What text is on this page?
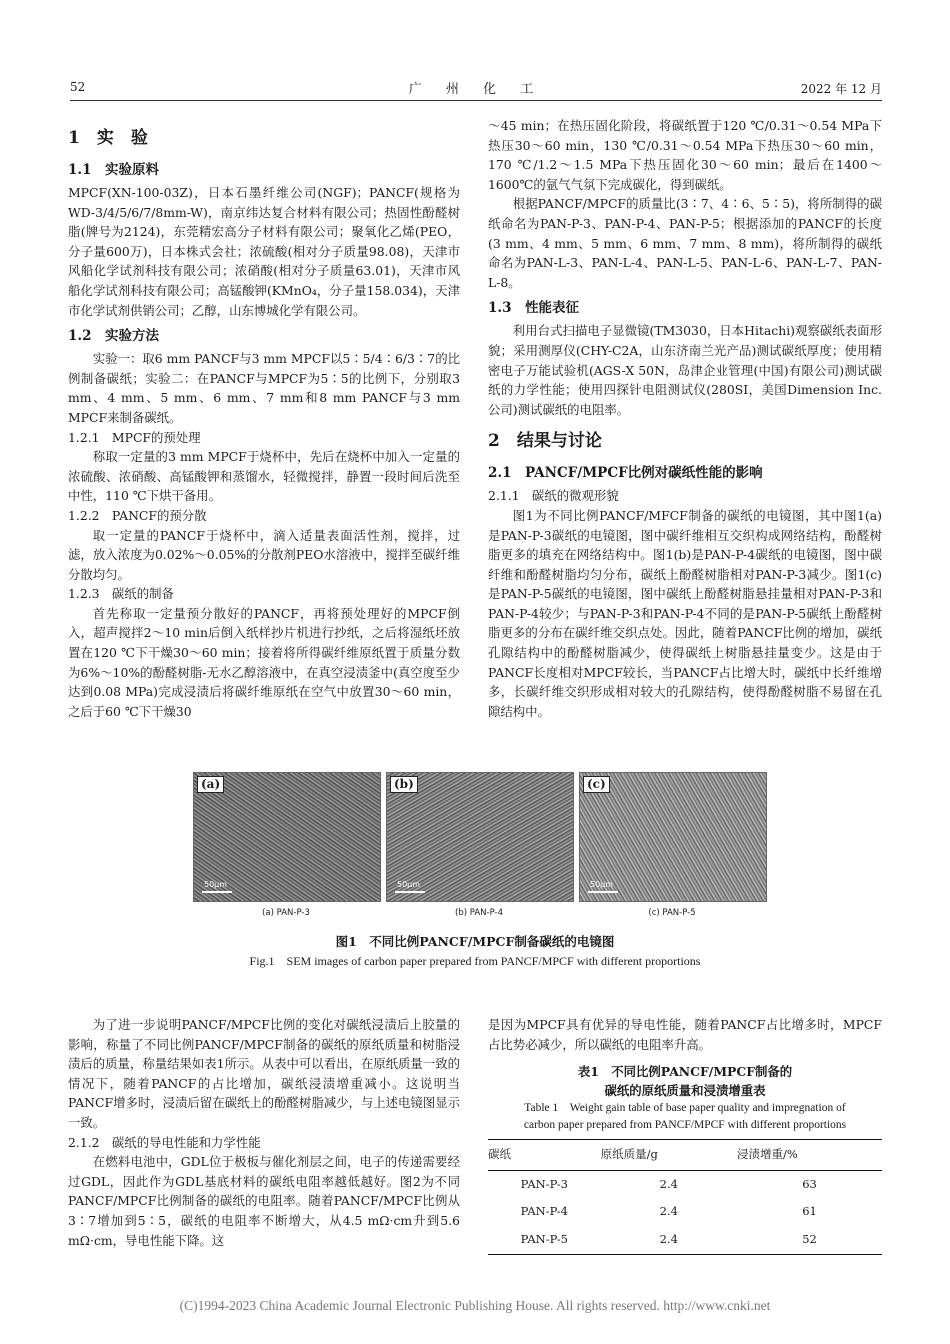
52	广 州 化 工	2022 年 12 月
1　实　验
1.1　实验原料

MPCF(XN-100-03Z)，日本石墨纤维公司(NGF)；PANCF(规格为WD-3/4/5/6/7/8mm-W)，南京纬达复合材料有限公司；热固性酚醛树脂(牌号为2124)，东莞精宏高分子材料有限公司；聚氧化乙烯(PEO，分子量600万)，日本株式会社；浓硫酸(相对分子质量98.08)，天津市风船化学试剂科技有限公司；浓硝酸(相对分子质量63.01)，天津市风船化学试剂科技有限公司；高锰酸钾(KMnO₄，分子量158.034)，天津市化学试剂供销公司；乙醇，山东博城化学有限公司。

1.2　实验方法

实验一：取6 mm PANCF与3 mm MPCF以5∶5/4∶6/3∶7的比例制备碳纸；实验二：在PANCF与MPCF为5∶5的比例下，分别取3 mm、4 mm、5 mm、6 mm、7 mm和8 mm PANCF与3 mm MPCF来制备碳纸。

1.2.1　MPCF的预处理

称取一定量的3 mm MPCF于烧杯中，先后在烧杯中加入一定量的浓硫酸、浓硝酸、高锰酸钾和蒸馏水，轻微搅拌，静置一段时间后洗至中性，110 ℃下烘干备用。

1.2.2　PANCF的预分散

取一定量的PANCF于烧杯中，滴入适量表面活性剂，搅拌，过滤，放入浓度为0.02%～0.05%的分散剂PEO水溶液中，搅拌至碳纤维分散均匀。

1.2.3　碳纸的制备

首先称取一定量预分散好的PANCF，再将预处理好的MPCF倒入，超声搅拌2～10 min后倒入纸样抄片机进行抄纸，之后将湿纸坯放置在120 ℃下干燥30～60 min；接着将所得碳纤维原纸置于质量分数为6%～10%的酚醛树脂-无水乙醇溶液中，在真空浸渍釜中(真空度至少达到0.08 MPa)完成浸渍后将碳纤维原纸在空气中放置30～60 min，之后于60 ℃下干燥30

～45 min；在热压固化阶段，将碳纸置于120 ℃/0.31～0.54 MPa下热压30～60 min，130 ℃/0.31～0.54 MPa下热压30～60 min，170 ℃/1.2～1.5 MPa下热压固化30～60 min；最后在1400～1600℃的氩气气氛下完成碳化，得到碳纸。

根据PANCF/MPCF的质量比(3∶7、4∶6、5∶5)，将所制得的碳纸命名为PAN-P-3、PAN-P-4、PAN-P-5；根据添加的PANCF的长度(3 mm、4 mm、5 mm、6 mm、7 mm、8 mm)，将所制得的碳纸命名为PAN-L-3、PAN-L-4、PAN-L-5、PAN-L-6、PAN-L-7、PAN-L-8。

1.3　性能表征

利用台式扫描电子显微镜(TM3030，日本Hitachi)观察碳纸表面形貌；采用测厚仪(CHY-C2A，山东济南兰光产品)测试碳纸厚度；使用精密电子万能试验机(AGS-X 50N，岛津企业管理(中国)有限公司)测试碳纸的力学性能；使用四探针电阻测试仪(280SI，美国Dimension Inc.公司)测试碳纸的电阻率。

2　结果与讨论
2.1　PANCF/MPCF比例对碳纸性能的影响
2.1.1　碳纸的微观形貌

图1为不同比例PANCF/MFCF制备的碳纸的电镜图，其中图1(a)是PAN-P-3碳纸的电镜图，图中碳纤维相互交织构成网络结构，酚醛树脂更多的填充在网络结构中。图1(b)是PAN-P-4碳纸的电镜图，图中碳纤维和酚醛树脂均匀分布，碳纸上酚醛树脂相对PAN-P-3减少。图1(c)是PAN-P-5碳纸的电镜图，图中碳纸上酚醛树脂悬挂量相对PAN-P-3和PAN-P-4较少；与PAN-P-3和PAN-P-4不同的是PAN-P-5碳纸上酚醛树脂更多的分布在碳纤维交织点处。因此，随着PANCF比例的增加，碳纸孔隙结构中的酚醛树脂减少，使得碳纸上树脂悬挂量变少。这是由于PANCF长度相对MPCF较长，当PANCF占比增大时，碳纸中长纤维增多，长碳纤维交织形成相对较大的孔隙结构，使得酚醛树脂不易留在孔隙结构中。

(a)
50μm
(b)
50μm
(c)
50μm
(a) PAN-P-3	(b) PAN-P-4	(c) PAN-P-5
图1　不同比例PANCF/MPCF制备碳纸的电镜图
Fig.1　SEM images of carbon paper prepared from PANCF/MPCF with different proportions

为了进一步说明PANCF/MPCF比例的变化对碳纸浸渍后上胶量的影响，称量了不同比例PANCF/MPCF制备的碳纸的原纸质量和树脂浸渍后的质量，称量结果如表1所示。从表中可以看出，在原纸质量一致的情况下，随着PANCF的占比增加，碳纸浸渍增重减小。这说明当PANCF增多时，浸渍后留在碳纸上的酚醛树脂减少，与上述电镜图显示一致。

2.1.2　碳纸的导电性能和力学性能

在燃料电池中，GDL位于极板与催化剂层之间，电子的传递需要经过GDL，因此作为GDL基底材料的碳纸电阻率越低越好。图2为不同PANCF/MPCF比例制备的碳纸的电阻率。随着PANCF/MPCF比例从3∶7增加到5∶5，碳纸的电阻率不断增大，从4.5 mΩ·cm升到5.6 mΩ·cm，导电性能下降。这

是因为MPCF具有优异的导电性能，随着PANCF占比增多时，MPCF占比势必减少，所以碳纸的电阻率升高。

表1　不同比例PANCF/MPCF制备的
碳纸的原纸质量和浸渍增重表
Table 1　Weight gain table of base paper quality and impregnation of
carbon paper prepared from PANCF/MPCF with different proportions
碳纸	原纸质量/g	浸渍增重/%
PAN-P-3	2.4	63
PAN-P-4	2.4	61
PAN-P-5	2.4	52
(C)1994-2023 China Academic Journal Electronic Publishing House. All rights reserved. http://www.cnki.net
